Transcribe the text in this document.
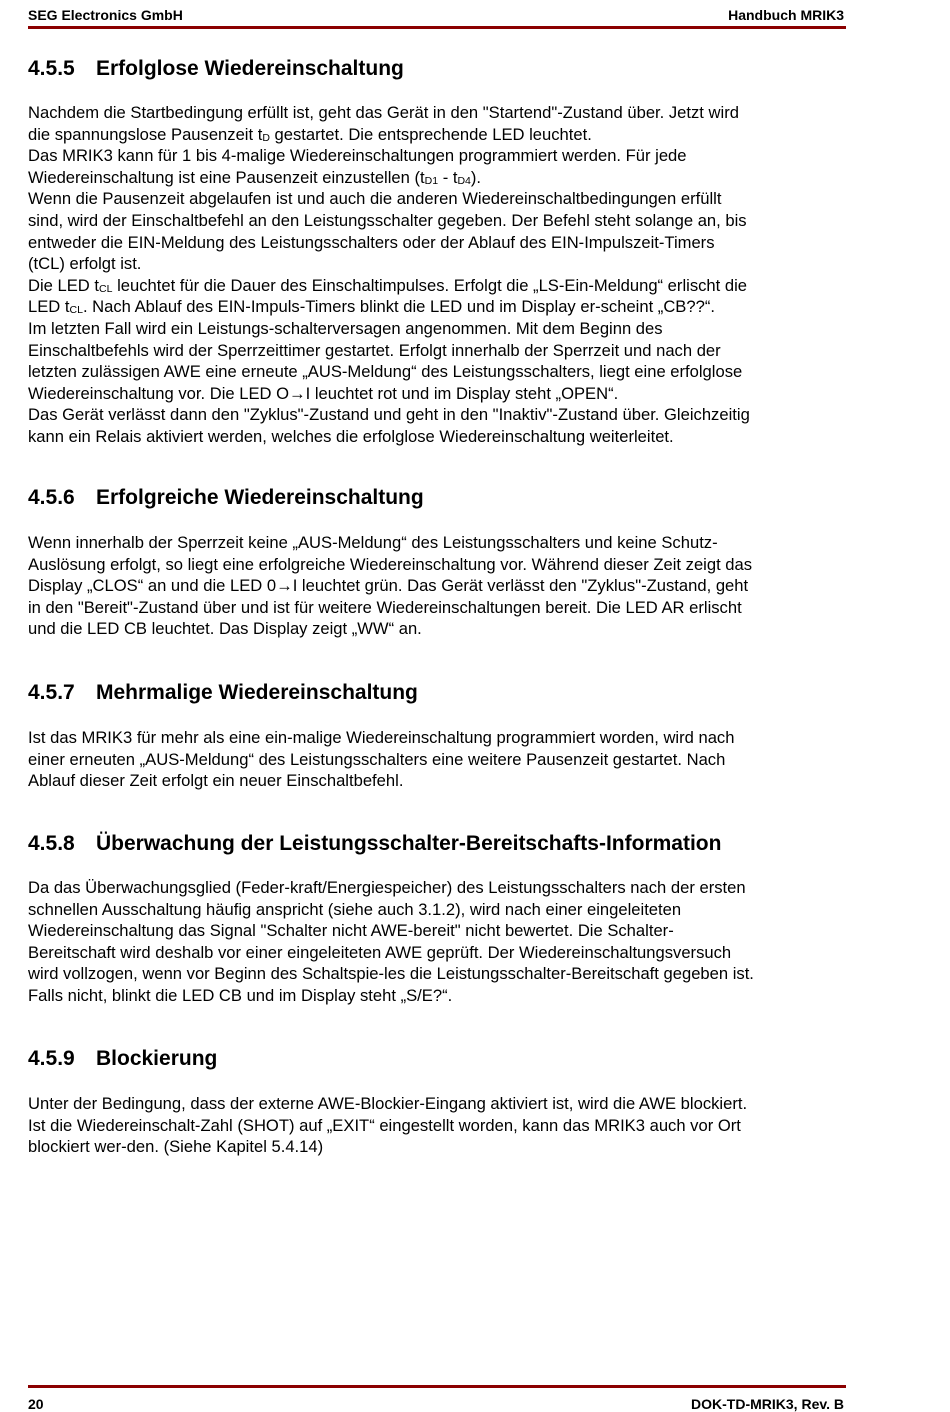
SEG Electronics GmbH	Handbuch MRIK3
4.5.5 Erfolglose Wiedereinschaltung
Nachdem die Startbedingung erfüllt ist, geht das Gerät in den "Startend"-Zustand über. Jetzt wird
die spannungslose Pausenzeit $t_D$ gestartet. Die entsprechende LED leuchtet.
Das MRIK3 kann für 1 bis 4-malige Wiedereinschaltungen programmiert werden. Für jede
Wiedereinschaltung ist eine Pausenzeit einzustellen $(t_{D1} - t_{D4})$.
Wenn die Pausenzeit abgelaufen ist und auch die anderen Wiedereinschaltbedingungen erfüllt
sind, wird der Einschaltbefehl an den Leistungsschalter gegeben. Der Befehl steht solange an, bis
entweder die EIN-Meldung des Leistungsschalters oder der Ablauf des EIN-Impulszeit-Timers
(tCL) erfolgt ist.
Die LED $t_{CL}$ leuchtet für die Dauer des Einschaltimpulses. Erfolgt die „LS-Ein-Meldung“ erlischt die
LED $t_{CL}$. Nach Ablauf des EIN-Impuls-Timers blinkt die LED und im Display er-scheint „CB??“.
Im letzten Fall wird ein Leistungs-schalterversagen angenommen. Mit dem Beginn des
Einschaltbefehls wird der Sperrzeittimer gestartet. Erfolgt innerhalb der Sperrzeit und nach der
letzten zulässigen AWE eine erneute „AUS-Meldung“ des Leistungsschalters, liegt eine erfolglose
Wiedereinschaltung vor. Die LED O→I leuchtet rot und im Display steht „OPEN“.
Das Gerät verlässt dann den "Zyklus"-Zustand und geht in den "Inaktiv"-Zustand über. Gleichzeitig
kann ein Relais aktiviert werden, welches die erfolglose Wiedereinschaltung weiterleitet.
4.5.6 Erfolgreiche Wiedereinschaltung
Wenn innerhalb der Sperrzeit keine „AUS-Meldung“ des Leistungsschalters und keine Schutz-
Auslösung erfolgt, so liegt eine erfolgreiche Wiedereinschaltung vor. Während dieser Zeit zeigt das
Display „CLOS“ an und die LED 0→I leuchtet grün. Das Gerät verlässt den "Zyklus"-Zustand, geht
in den "Bereit"-Zustand über und ist für weitere Wiedereinschaltungen bereit. Die LED AR erlischt
und die LED CB leuchtet. Das Display zeigt „WW“ an.
4.5.7 Mehrmalige Wiedereinschaltung
Ist das MRIK3 für mehr als eine ein-malige Wiedereinschaltung programmiert worden, wird nach
einer erneuten „AUS-Meldung“ des Leistungsschalters eine weitere Pausenzeit gestartet. Nach
Ablauf dieser Zeit erfolgt ein neuer Einschaltbefehl.
4.5.8 Überwachung der Leistungsschalter-Bereitschafts-Information
Da das Überwachungsglied (Feder-kraft/Energiespeicher) des Leistungsschalters nach der ersten
schnellen Ausschaltung häufig anspricht (siehe auch 3.1.2), wird nach einer eingeleiteten
Wiedereinschaltung das Signal "Schalter nicht AWE-bereit" nicht bewertet. Die Schalter-
Bereitschaft wird deshalb vor einer eingeleiteten AWE geprüft. Der Wiedereinschaltungsversuch
wird vollzogen, wenn vor Beginn des Schaltspie-les die Leistungsschalter-Bereitschaft gegeben ist.
Falls nicht, blinkt die LED CB und im Display steht „S/E?“.
4.5.9 Blockierung
Unter der Bedingung, dass der externe AWE-Blockier-Eingang aktiviert ist, wird die AWE blockiert.
Ist die Wiedereinschalt-Zahl (SHOT) auf „EXIT“ eingestellt worden, kann das MRIK3 auch vor Ort
blockiert wer-den. (Siehe Kapitel 5.4.14)
20	DOK-TD-MRIK3, Rev. B
